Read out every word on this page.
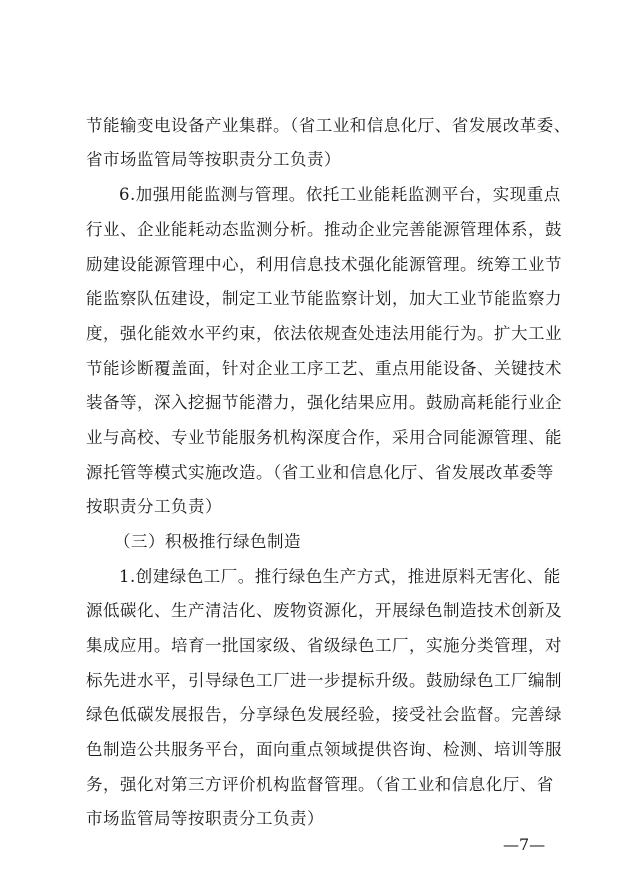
节能输变电设备产业集群。（省工业和信息化厅、省发展改革委、
省市场监管局等按职责分工负责）
6.加强用能监测与管理。依托工业能耗监测平台，实现重点
行业、企业能耗动态监测分析。推动企业完善能源管理体系，鼓
励建设能源管理中心，利用信息技术强化能源管理。统筹工业节
能监察队伍建设，制定工业节能监察计划，加大工业节能监察力
度，强化能效水平约束，依法依规查处违法用能行为。扩大工业
节能诊断覆盖面，针对企业工序工艺、重点用能设备、关键技术
装备等，深入挖掘节能潜力，强化结果应用。鼓励高耗能行业企
业与高校、专业节能服务机构深度合作，采用合同能源管理、能
源托管等模式实施改造。（省工业和信息化厅、省发展改革委等
按职责分工负责）
（三）积极推行绿色制造
1.创建绿色工厂。推行绿色生产方式，推进原料无害化、能
源低碳化、生产清洁化、废物资源化，开展绿色制造技术创新及
集成应用。培育一批国家级、省级绿色工厂，实施分类管理，对
标先进水平，引导绿色工厂进一步提标升级。鼓励绿色工厂编制
绿色低碳发展报告，分享绿色发展经验，接受社会监督。完善绿
色制造公共服务平台，面向重点领域提供咨询、检测、培训等服
务，强化对第三方评价机构监督管理。（省工业和信息化厅、省
市场监管局等按职责分工负责）
—7—
